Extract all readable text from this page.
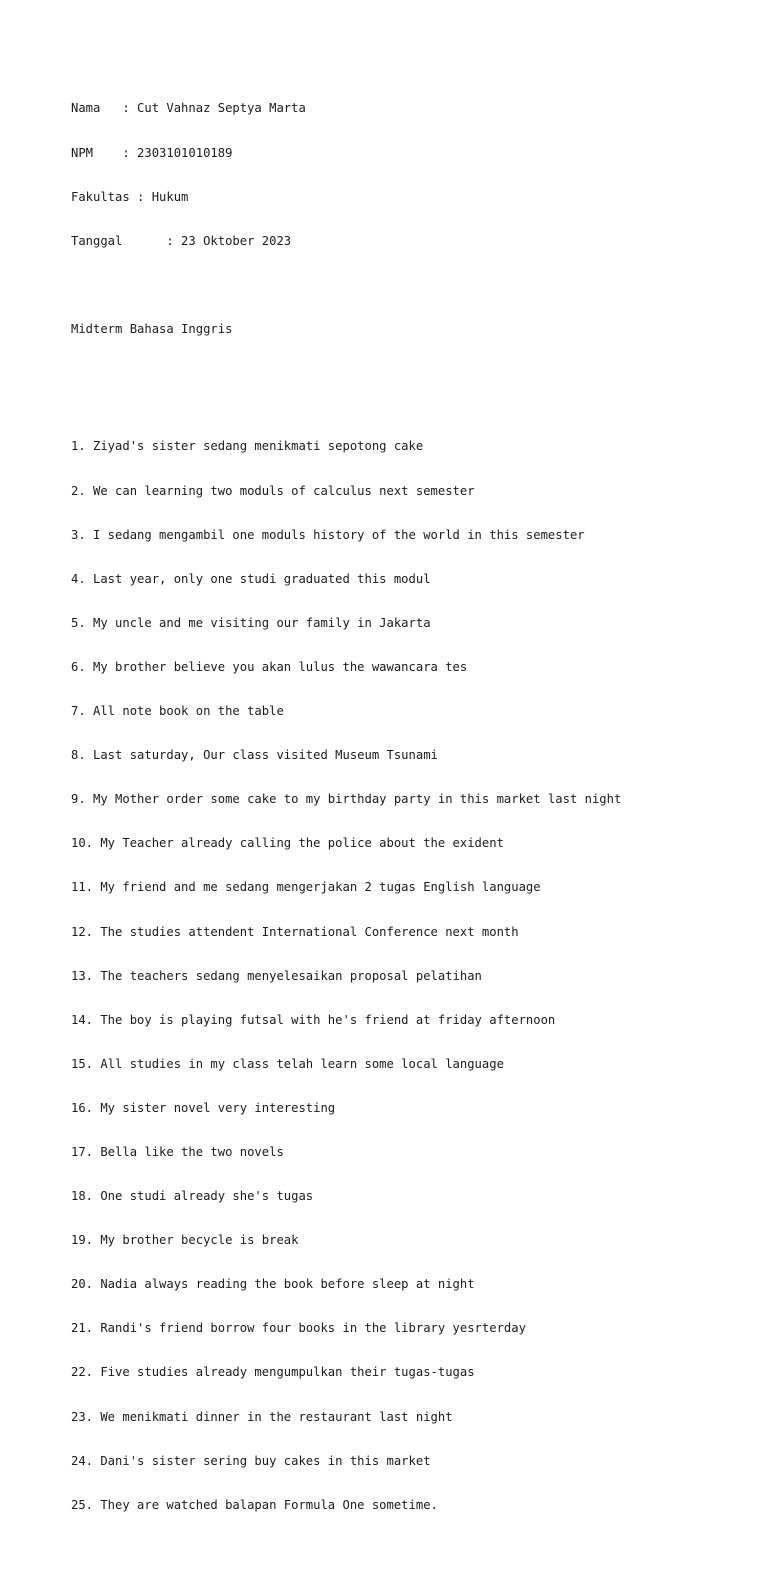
Nama   : Cut Vahnaz Septya Marta

NPM    : 2303101010189

Fakultas : Hukum

Tanggal      : 23 Oktober 2023

Midterm Bahasa Inggris

1. Ziyad's sister sedang menikmati sepotong cake

2. We can learning two moduls of calculus next semester

3. I sedang mengambil one moduls history of the world in this semester

4. Last year, only one studi graduated this modul

5. My uncle and me visiting our family in Jakarta

6. My brother believe you akan lulus the wawancara tes

7. All note book on the table

8. Last saturday, Our class visited Museum Tsunami

9. My Mother order some cake to my birthday party in this market last night

10. My Teacher already calling the police about the exident

11. My friend and me sedang mengerjakan 2 tugas English language

12. The studies attendent International Conference next month

13. The teachers sedang menyelesaikan proposal pelatihan

14. The boy is playing futsal with he's friend at friday afternoon

15. All studies in my class telah learn some local language

16. My sister novel very interesting

17. Bella like the two novels

18. One studi already she's tugas

19. My brother becycle is break

20. Nadia always reading the book before sleep at night

21. Randi's friend borrow four books in the library yesrterday

22. Five studies already mengumpulkan their tugas-tugas

23. We menikmati dinner in the restaurant last night

24. Dani's sister sering buy cakes in this market

25. They are watched balapan Formula One sometime.
